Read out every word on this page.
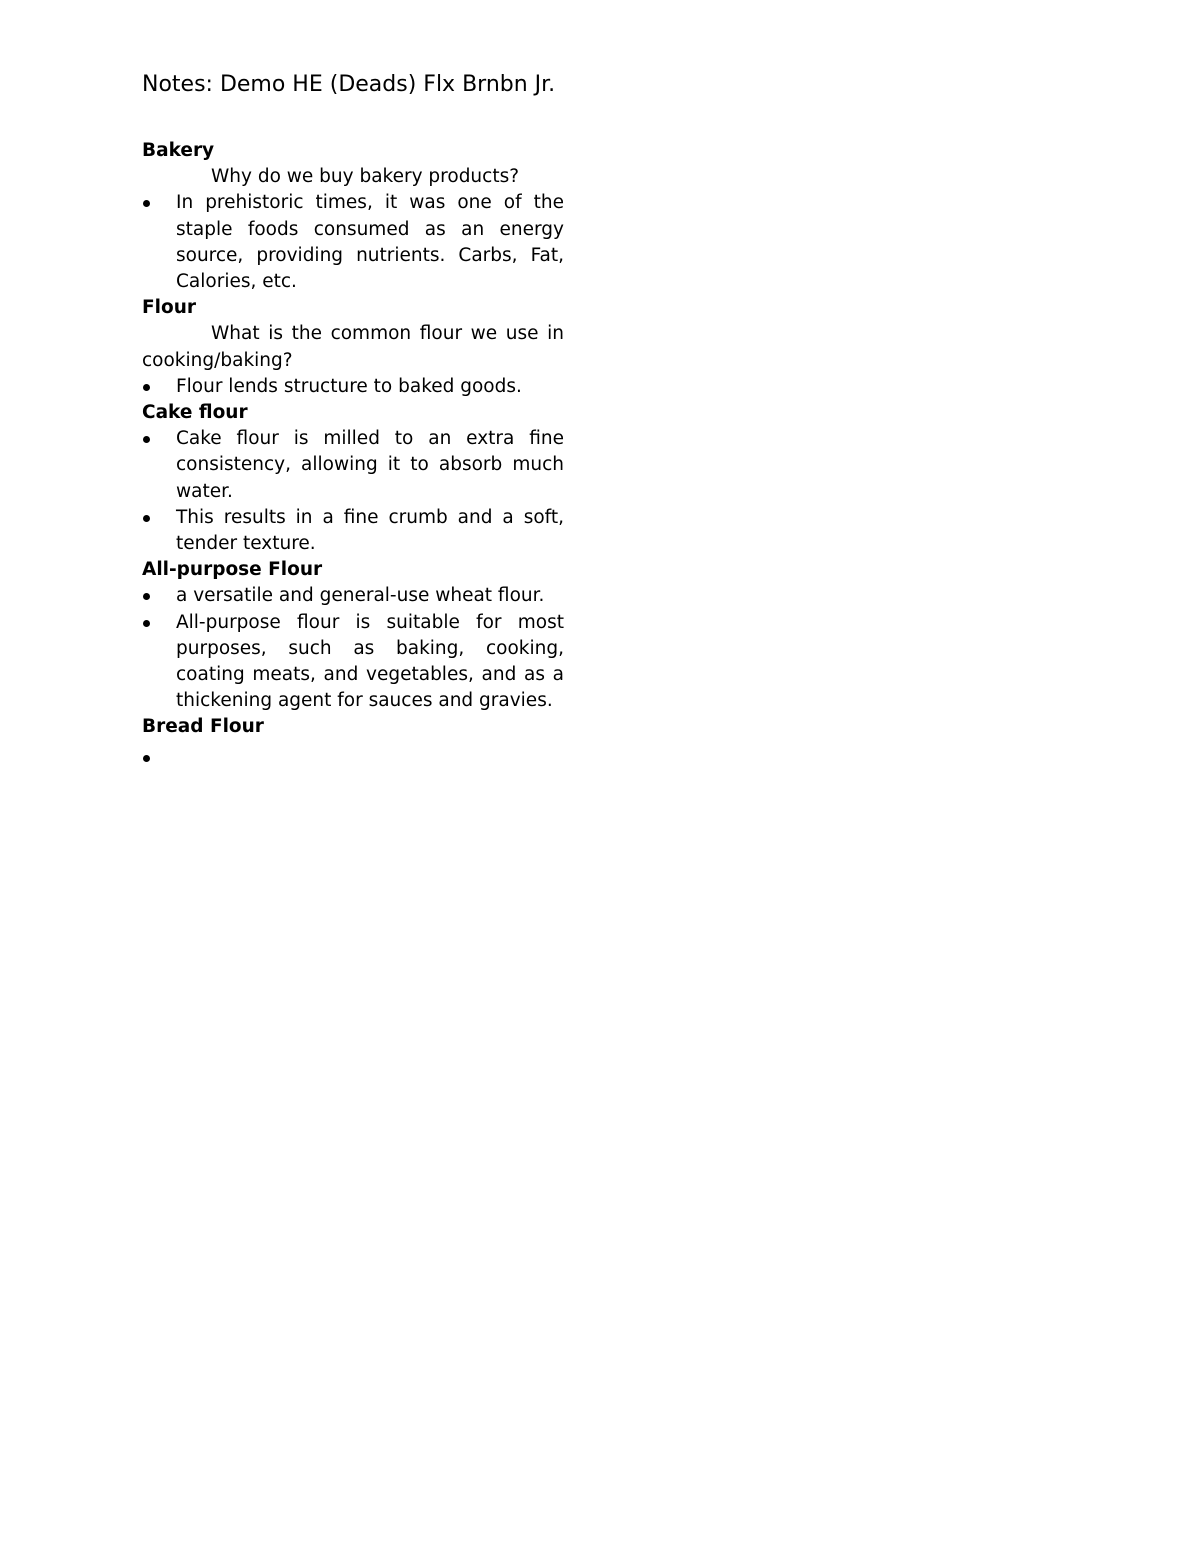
Notes: Demo HE (Deads) Flx Brnbn Jr.

Bakery

Why do we buy bakery products?

In prehistoric times, it was one of the staple foods consumed as an energy source, providing nutrients. Carbs, Fat, Calories, etc.

Flour

What is the common flour we use in cooking/baking?

Flour lends structure to baked goods.

Cake flour

Cake flour is milled to an extra fine consistency, allowing it to absorb much water.
This results in a fine crumb and a soft, tender texture.

All-purpose Flour

a versatile and general-use wheat flour.
All-purpose flour is suitable for most purposes, such as baking, cooking, coating meats, and vegetables, and as a thickening agent for sauces and gravies.

Bread Flour
